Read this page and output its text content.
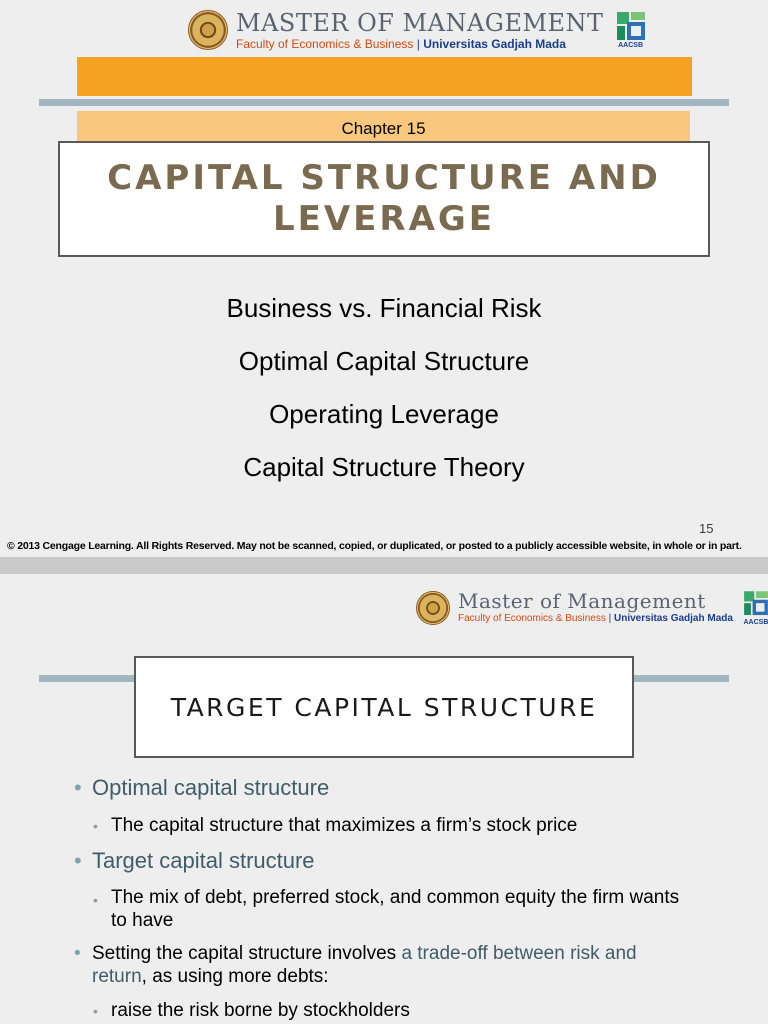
MASTER OF MANAGEMENT
Faculty of Economics & Business | Universitas Gadjah Mada	AACSB
Chapter 15
CAPITAL STRUCTURE AND
LEVERAGE
Business vs. Financial Risk
Optimal Capital Structure
Operating Leverage
Capital Structure Theory
15
© 2013 Cengage Learning. All Rights Reserved. May not be scanned, copied, or duplicated, or posted to a publicly accessible website, in whole or in part.
Master of Management
Faculty of Economics & Business | Universitas Gadjah Mada AACSB
TARGET CAPITAL STRUCTURE
• Optimal capital structure
• The capital structure that maximizes a firm’s stock price
• Target capital structure
• The mix of debt, preferred stock, and common equity the firm wants
to have
• Setting the capital structure involves a trade-off between risk and
return, as using more debts:
• raise the risk borne by stockholders
